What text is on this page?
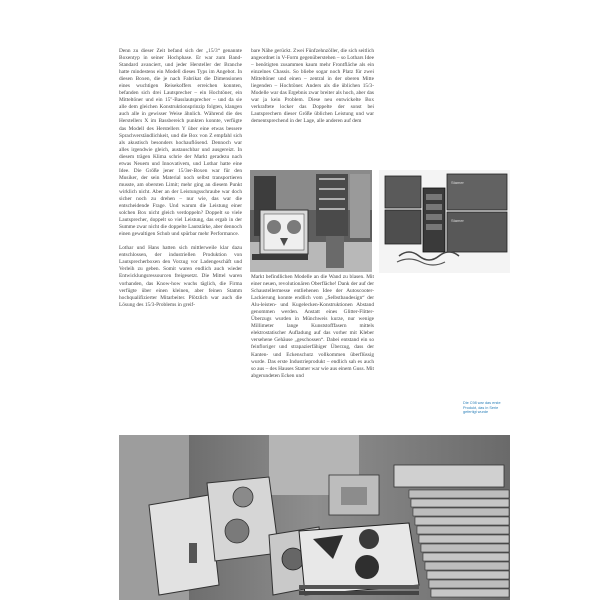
Denn zu dieser Zeit befand sich der „15/3“ genannte Boxentyp in seiner Hochphase. Er war zum Band-Standard avanciert, und jeder Hersteller der Branche hatte mindestens ein Modell dieses Typs im Angebot. In diesen Boxen, die je nach Fabrikat die Dimensionen eines wuchtigen Reisekoffers erreichen konnten, befanden sich drei Lautsprecher – ein Hochtöner, ein Mitteltöner und ein 15"-Basslautsprecher – und da sie alle dem gleichen Konstruktionsprinzip folgten, klangen auch alle in gewisser Weise ähnlich. Während die des Herstellers X im Bassbereich punkten konnte, verfügte das Modell des Herstellers Y über eine etwas bessere Sprachverständlichkeit, und die Box von Z empfahl sich als akustisch besonders hochauflösend. Dennoch war alles irgendwie gleich, austauschbar und ausgereizt. In diesem trägen Klima schrie der Markt geradezu nach etwas Neuem und Innovativem, und Lothar hatte eine Idee. Die Größe jener 15/3er-Boxen war für den Musiker, der sein Material noch selbst transportieren musste, am obersten Limit; mehr ging an diesem Punkt wirklich nicht. Aber an der Leistungsschraube war doch sicher noch zu drehen – nur wie, das war die entscheidende Frage. Und warum die Leistung einer solchen Box nicht gleich verdoppeln? Doppelt so viele Lautsprecher, doppelt so viel Leistung, das ergab in der Summe zwar nicht die doppelte Lautstärke, aber dennoch einen gewaltigen Schub und spürbar mehr Performance.

Lothar und Hans hatten sich mittlerweile klar dazu entschlossen, der industriellen Produktion von Lautsprecherboxen den Vorzug vor Ladengeschäft und Verleih zu geben. Somit waren endlich auch wieder Entwicklungsressourcen freigesetzt. Die Mittel waren vorhanden, das Know-how wuchs täglich, die Firma verfügte über einen kleinen, aber feinen Stamm hochqualifizierter Mitarbeiter. Plötzlich war auch die Lösung des 15/3-Problems in greif-

bare Nähe gerückt. Zwei Fünfzehnzöller, die sich seitlich angeordnet in V-Form gegenüberstehen – so Lothars Idee – benötigten zusammen kaum mehr Frontfläche als ein einzelnes Chassis. So bliebe sogar noch Platz für zwei Mitteltöner und einen – zentral in der oberen Mitte liegenden – Hochtöner. Anders als die üblichen 15/3-Modelle war das Ergebnis zwar breiter als hoch, aber das war ja kein Problem. Diese neu entwickelte Box verkraftete locker das Doppelte der sonst bei Lautsprechern dieser Größe üblichen Leistung und war dementsprechend in der Lage, alle anderen auf dem

Markt befindlichen Modelle an die Wand zu blasen. Mit einer neuen, revolutionären Oberfläche! Dank der auf der Schaustellermesse entliehenen Idee der Autoscooter-Lackierung konnte endlich vom „Selbstbaudesign“ der Alu-leisten- und Kugelecken-Konstruktionen Abstand genommen werden. Anstatt eines Glitter-Flitter-Überzugs wurden in Münchweis kurze, nur wenige Millimeter lange Kunststofffasern mittels elektrostatischer Aufladung auf das vorher mit Kleber versehene Gehäuse „geschossen“. Dabei entstand ein so feinfloriger und strapazierfähiger Überzug, dass der Kanten- und Eckenschutz vollkommen überflüssig wurde. Das erste Industrieprodukt – endlich sah es auch so aus – des Hauses Stamer war wie aus einem Guss. Mit abgerundeten Ecken und

Stamer
Stamer

Die C98 war das erste

Produkt, das in Serie

gefertigt wurde
